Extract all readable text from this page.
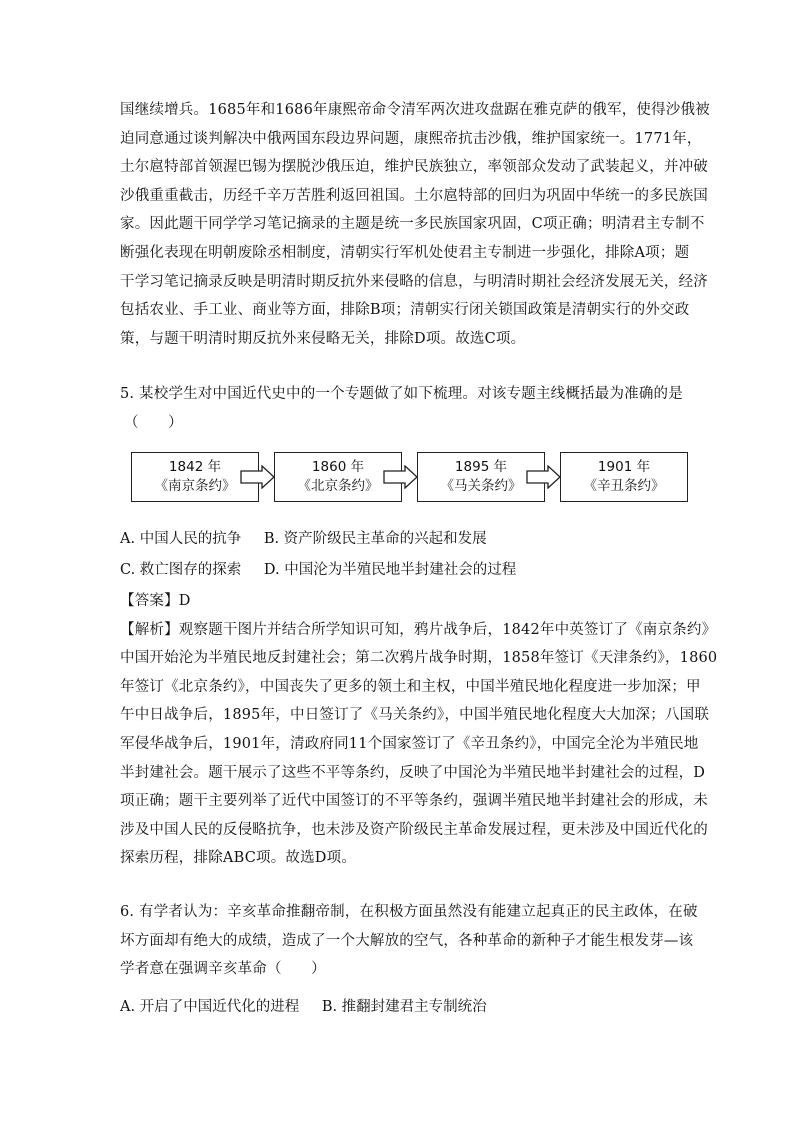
国继续增兵。1685年和1686年康熙帝命令清军两次进攻盘踞在雅克萨的俄军，使得沙俄被
迫同意通过谈判解决中俄两国东段边界问题，康熙帝抗击沙俄，维护国家统一。1771年，
土尔扈特部首领渥巴锡为摆脱沙俄压迫，维护民族独立，率领部众发动了武装起义，并冲破
沙俄重重截击，历经千辛万苦胜利返回祖国。土尔扈特部的回归为巩固中华统一的多民族国
家。因此题干同学学习笔记摘录的主题是统一多民族国家巩固，C项正确；明清君主专制不
断强化表现在明朝废除丞相制度，清朝实行军机处使君主专制进一步强化，排除A项；题
干学习笔记摘录反映是明清时期反抗外来侵略的信息，与明清时期社会经济发展无关，经济
包括农业、手工业、商业等方面，排除B项；清朝实行闭关锁国政策是清朝实行的外交政
策，与题干明清时期反抗外来侵略无关，排除D项。故选C项。
5. 某校学生对中国近代史中的一个专题做了如下梳理。对该专题主线概括最为准确的是
（　　）
1842 年
《南京条约》
1860 年
《北京条约》
1895 年
《马关条约》
1901 年
《辛丑条约》
A. 中国人民的抗争 B. 资产阶级民主革命的兴起和发展
C. 救亡图存的探索 D. 中国沦为半殖民地半封建社会的过程
【答案】D
【解析】观察题干图片并结合所学知识可知，鸦片战争后，1842年中英签订了《南京条约》
中国开始沦为半殖民地反封建社会；第二次鸦片战争时期，1858年签订《天津条约》，1860
年签订《北京条约》，中国丧失了更多的领土和主权，中国半殖民地化程度进一步加深；甲
午中日战争后，1895年，中日签订了《马关条约》，中国半殖民地化程度大大加深；八国联
军侵华战争后，1901年，清政府同11个国家签订了《辛丑条约》，中国完全沦为半殖民地
半封建社会。题干展示了这些不平等条约，反映了中国沦为半殖民地半封建社会的过程，D
项正确；题干主要列举了近代中国签订的不平等条约，强调半殖民地半封建社会的形成，未
涉及中国人民的反侵略抗争，也未涉及资产阶级民主革命发展过程，更未涉及中国近代化的
探索历程，排除ABC项。故选D项。
6. 有学者认为：辛亥革命推翻帝制，在积极方面虽然没有能建立起真正的民主政体，在破
坏方面却有绝大的成绩，造成了一个大解放的空气，各种革命的新种子才能生根发芽—该
学者意在强调辛亥革命（　　）
A. 开启了中国近代化的进程 B. 推翻封建君主专制统治
